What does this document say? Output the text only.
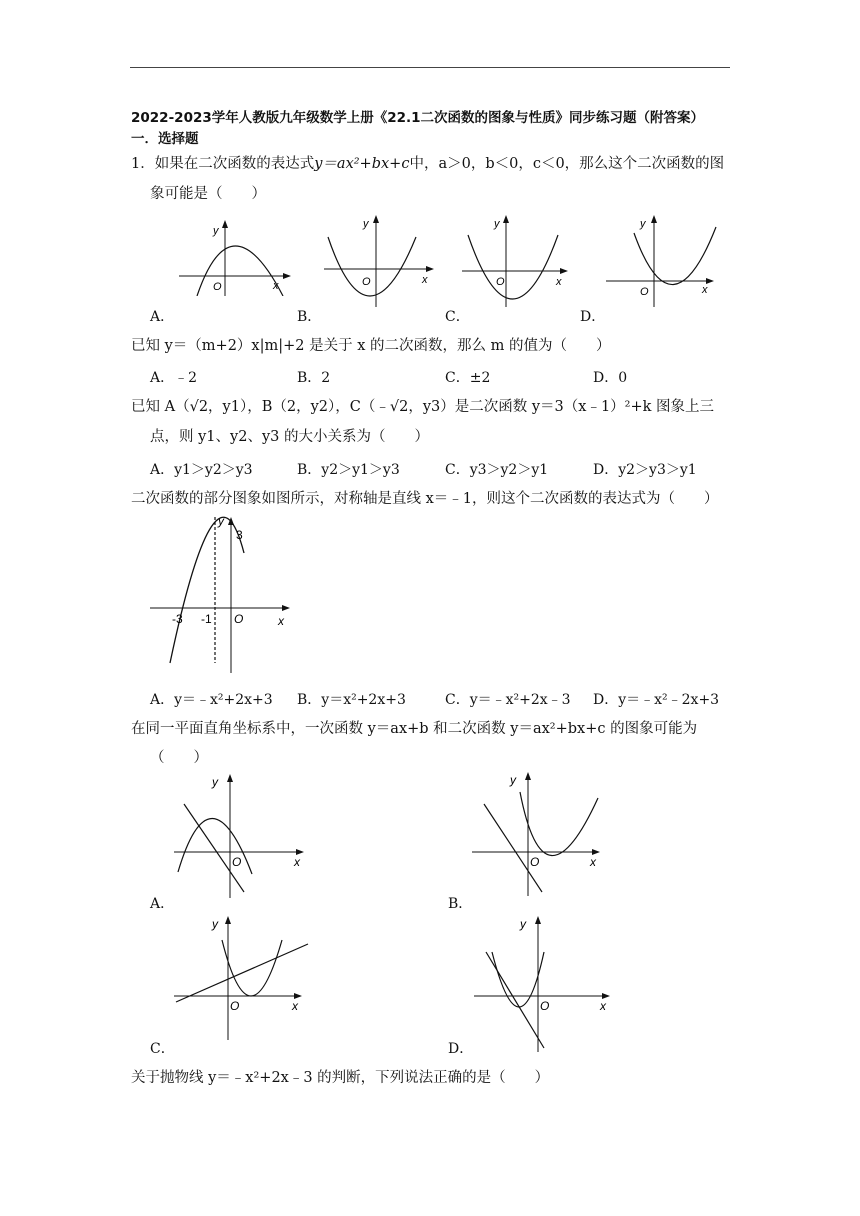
2022-2023学年人教版九年级数学上册《22.1二次函数的图象与性质》同步练习题（附答案）
一．选择题
1．如果在二次函数的表达式y＝ax²+bx+c中，a＞0，b＜0，c＜0，那么这个二次函数的图
象可能是（　　）
y
O	x
y
O	x
y
O	x
y
O	x
A．	B．	C．	D．
已知 y＝（m+2）x|m|+2 是关于 x 的二次函数，那么 m 的值为（　　）
A．﹣2	B．2	C．±2	D．0
已知 A（√2，y1），B（2，y2），C（﹣√2，y3）是二次函数 y＝3（x﹣1）²+k 图象上三
点，则 y1、y2、y3 的大小关系为（　　）
A．y1＞y2＞y3	B．y2＞y1＞y3	C．y3＞y2＞y1	D．y2＞y3＞y1
二次函数的部分图象如图所示，对称轴是直线 x＝﹣1，则这个二次函数的表达式为（　　）
y
3
-3 -1 O	x
A．y＝﹣x²+2x+3 B．y＝x²+2x+3	C．y＝﹣x²+2x﹣3 D．y＝﹣x²﹣2x+3
在同一平面直角坐标系中，一次函数 y＝ax+b 和二次函数 y＝ax²+bx+c 的图象可能为
（　　）
y
O	x
A．
y
O	x
B．
y
O	x
C．
y
O	x
D．
关于抛物线 y＝﹣x²+2x﹣3 的判断，下列说法正确的是（　　）
